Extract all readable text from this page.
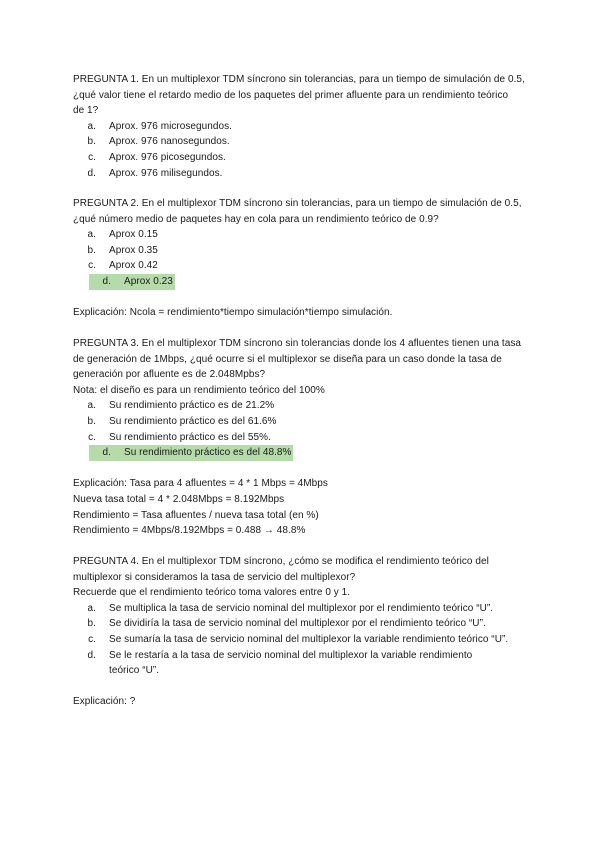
PREGUNTA 1. En un multiplexor TDM síncrono sin tolerancias, para un tiempo de simulación de 0.5,
¿qué valor tiene el retardo medio de los paquetes del primer afluente para un rendimiento teórico
de 1?
a.	Aprox. 976 microsegundos.
b.	Aprox. 976 nanosegundos.
c.	Aprox. 976 picosegundos.
d.	Aprox. 976 milisegundos.
PREGUNTA 2. En el multiplexor TDM síncrono sin tolerancias, para un tiempo de simulación de 0.5,
¿qué número medio de paquetes hay en cola para un rendimiento teórico de 0.9?
a.	Aprox 0.15
b.	Aprox 0.35
c.	Aprox 0.42
d.	Aprox 0.23
Explicación: Ncola = rendimiento*tiempo simulación*tiempo simulación.
PREGUNTA 3. En el multiplexor TDM síncrono sin tolerancias donde los 4 afluentes tienen una tasa
de generación de 1Mbps, ¿qué ocurre si el multiplexor se diseña para un caso donde la tasa de
generación por afluente es de 2.048Mpbs?
Nota: el diseño es para un rendimiento teórico del 100%
a.	Su rendimiento práctico es de 21.2%
b.	Su rendimiento práctico es del 61.6%
c.	Su rendimiento práctico es del 55%.
d.	Su rendimiento práctico es del 48.8%
Explicación: Tasa para 4 afluentes = 4 * 1 Mbps = 4Mbps
Nueva tasa total = 4 * 2.048Mbps = 8.192Mbps
Rendimiento = Tasa afluentes / nueva tasa total (en %)
Rendimiento = 4Mbps/8.192Mbps = 0.488 → 48.8%
PREGUNTA 4. En el multiplexor TDM síncrono, ¿cómo se modifica el rendimiento teórico del
multiplexor si consideramos la tasa de servicio del multiplexor?
Recuerde que el rendimiento teórico toma valores entre 0 y 1.
a.	Se multiplica la tasa de servicio nominal del multiplexor por el rendimiento teórico “U”.
b.	Se dividiría la tasa de servicio nominal del multiplexor por el rendimiento teórico “U”.
c.	Se sumaría la tasa de servicio nominal del multiplexor la variable rendimiento teórico “U”.
d.	Se le restaría a la tasa de servicio nominal del multiplexor la variable rendimiento teórico “U”.
Explicación: ?
